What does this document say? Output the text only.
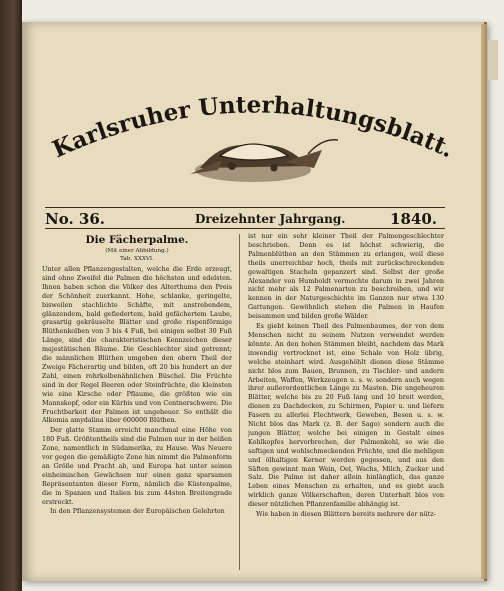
Karlsruher Unterhaltungsblatt.
No. 36.	Dreizehnter Jahrgang.	1840.
Die Fächerpalme.
(Mit einer Abbildung.)
Tab. XXXVI.

Unter allen Pflanzengestalten, welche die Erde erzeugt, sind ohne Zweifel die Palmen die höchsten und edelsten. Ihnen haben schon die Völker des Alterthums den Preis der Schönheit zuerkannt. Hohe, schlanke, geringelte, bisweilen stachlichte Schäfte, mit anstrebendem, glänzendem, bald gefiedertem, bald gefächertem Laube, grasartig gekräuselte Blätter und große rispenförmige Blüthenkolben von 3 bis 4 Fuß, bei einigen selbst 30 Fuß Länge, sind die charakteristischen Kennzeichen dieser majestätischen Bäume. Die Geschlechter sind getrennt; die männlichen Blüthen umgeben den obern Theil der Zweige Fächerartig und bilden, oft 20 bis hundert an der Zahl, einen rohrkolbenähnlichen Büschel. Die Früchte sind in der Regel Beeren oder Steinfrüchte, die kleinsten wie eine Kirsche oder Pflaume, die größten wie ein Mannskopf, oder ein Kürbis und von Centnerschwere. Die Fruchtbarkeit der Palmen ist ungeheuer. So enthält die Alkomia amydalina über 600000 Blüthen.

Der glatte Stamm erreicht manchmal eine Höhe von 180 Fuß. Größtentheils sind die Palmen nur in der heißen Zone, namentlich in Südamerika, zu Hause. Was Neuere vor gegen die gemäßigte Zone hin nimmt die Palmenform an Größe und Pracht ab, und Europa hat unter seinen einheimischen Gewächsen nur einen ganz sparsamen Repräsentanten dieser Form, nämlich die Küstenpalme, die in Spanien und Italien bis zum 44sten Breitengrade erstreckt.

In den Pflanzensystemen der Europäischen Gelehrten

ist nur ein sehr kleiner Theil der Palmengeschlechter beschrieben. Denn es ist höchst schwierig, die Palmenblüthen an den Stämmen zu erlangen, weil diese theils unerreichbar hoch, theils mit zurückschreckenden gewaltigen Stacheln gepanzert sind. Selbst der große Alexander von Humboldt vermochte darum in zwei Jahren nicht mehr als 12 Palmenarten zu beschreiben, und wir kennen in der Naturgeschichte im Ganzen nur etwa 130 Gattungen. Gewöhnlich stehen die Palmen in Haufen beisammen und bilden große Wälder.

Es giebt keinen Theil des Palmenbaumes, der von dem Menschen nicht zu seinem Nutzen verwendet werden könnte. An den hohen Stämmen bleibt, nachdem das Mark inwendig vertrocknet ist, eine Schale von Holz übrig, welche steinhart wird. Ausgehöhlt dienen diese Stämme nicht blos zum Bauen, Brunnen, zu Tischler- und andern Arbeiten, Waffen, Werkzeugen u. s. w. sondern auch wegen ihrer außerordentlichen Länge zu Masten. Die ungeheuren Blätter, welche bis zu 20 Fuß lang und 10 breit werden, dienen zu Dachdecken, zu Schirmen, Papier u. und liefern Fasern zu allerlei Flechtwerk, Geweben, Besen u. s. w. Nicht blos das Mark (z. B. der Sago) sondern auch die jungen Blätter, welche bei einigen in Gestalt eines Kohlkopfes hervorbrechen, der Palmenkohl, so wie die saftigen und wohlschmeckenden Früchte, und die mehligen und ölhaltigen Kerner werden gegessen, und aus den Säften gewinnt man Wein, Oel, Wachs, Milch, Zucker und Salz. Die Palme ist daher allein hinlänglich, das ganze Leben eines Menschen zu erhalten, und es giebt auch wirklich ganze Völkerschaften, deren Unterhalt blos von dieser nützlichen Pflanzenfamilie abhängig ist.

Wie haben in diesen Blättern bereits mehrere der nütz-
